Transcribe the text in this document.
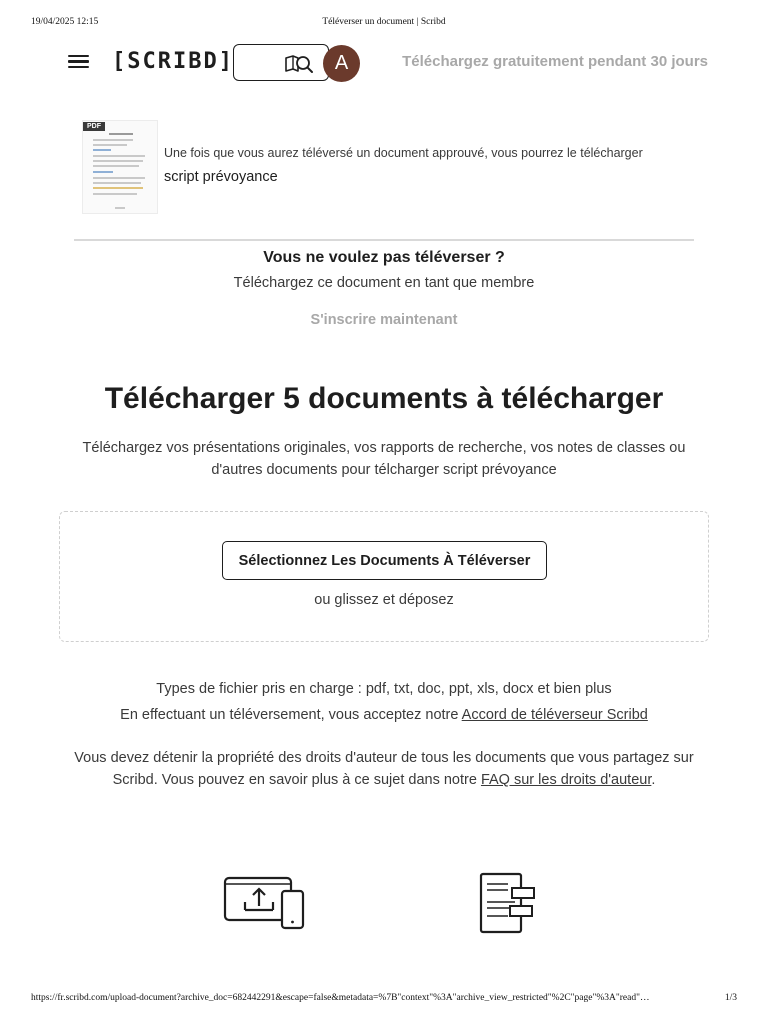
19/04/2025 12:15	Téléverser un document | Scribd
[SCRIBD]	A	Téléchargez gratuitement pendant 30 jours
PDF
Une fois que vous aurez téléversé un document approuvé, vous pourrez le télécharger
script prévoyance
Vous ne voulez pas téléverser ?
Téléchargez ce document en tant que membre
S'inscrire maintenant
Télécharger 5 documents à télécharger
Téléchargez vos présentations originales, vos rapports de recherche, vos notes de classes ou d'autres documents pour télcharger script prévoyance
Sélectionnez Les Documents À Téléverser
ou glissez et déposez
Types de fichier pris en charge : pdf, txt, doc, ppt, xls, docx et bien plus
En effectuant un téléversement, vous acceptez notre Accord de téléverseur Scribd
Vous devez détenir la propriété des droits d'auteur de tous les documents que vous partagez sur Scribd. Vous pouvez en savoir plus à ce sujet dans notre FAQ sur les droits d'auteur.
https://fr.scribd.com/upload-document?archive_doc=682442291&escape=false&metadata=%7B"context"%3A"archive_view_restricted"%2C"page"%3A"read"…	1/3
